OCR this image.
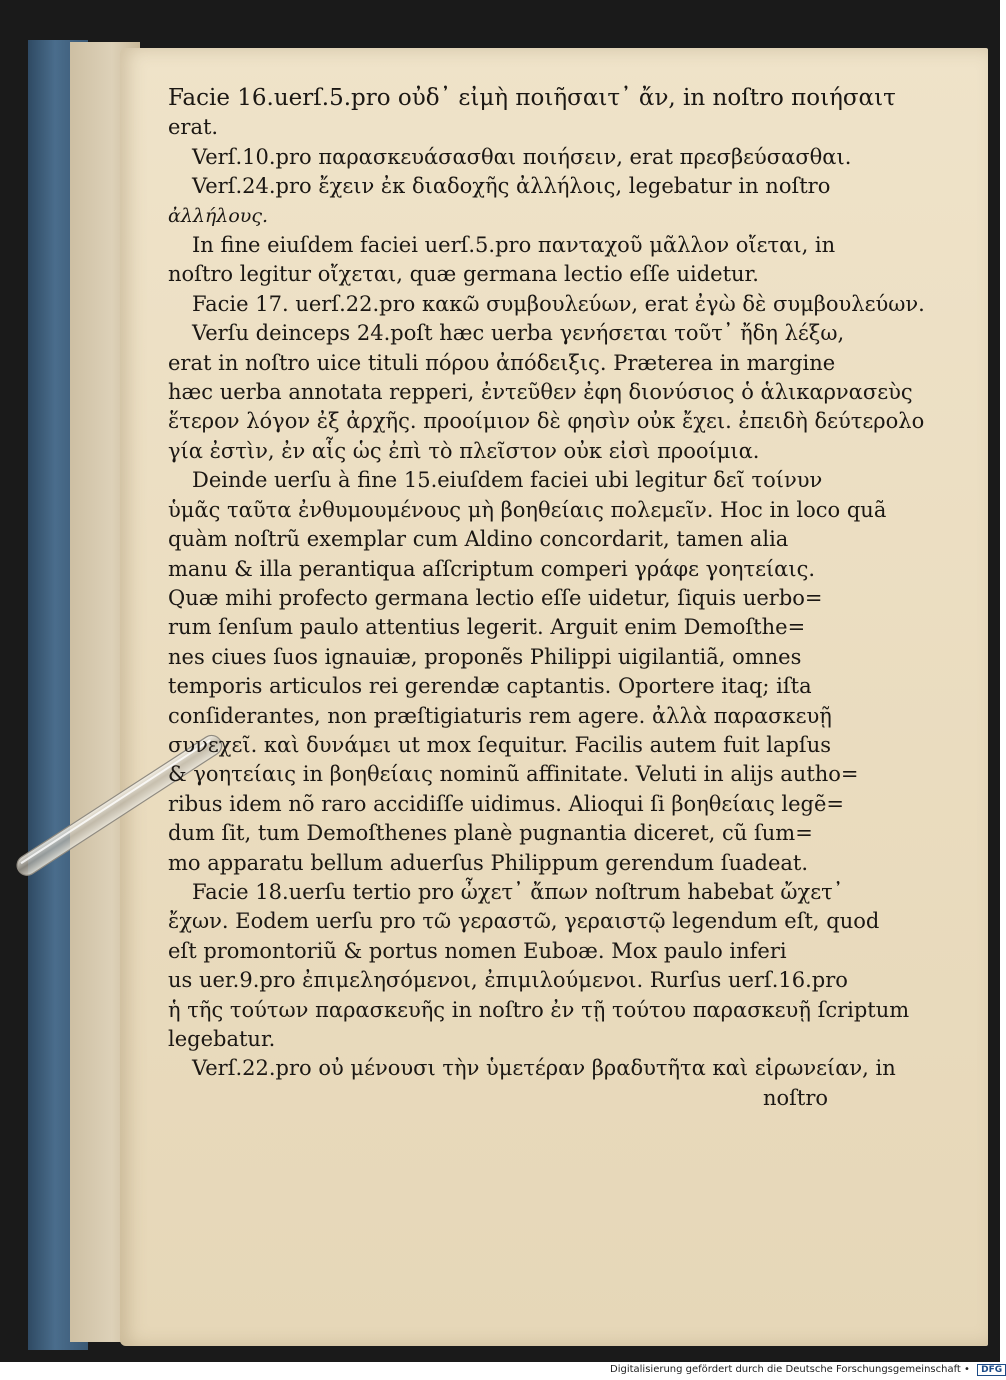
Facie 16.uerſ.5.pro οὐδ᾽ εἰμὴ ποιῆσαιτ᾽ ἄν, in noſtro ποιήσαιτ
erat.

Verſ.10.pro παρασκευάσασθαι ποιήσειν, erat πρεσβεύσασθαι.

Verſ.24.pro ἔχειν ἐκ διαδοχῆς ἀλλήλοις, legebatur in noſtro
ἀλλήλους.

In fine eiuſdem faciei uerſ.5.pro πανταχοῦ μᾶλλον οἴεται, in
noſtro legitur οἴχεται, quæ germana lectio eſſe uidetur.

Facie 17. uerſ.22.pro κακῶ συμβουλεύων, erat ἐγὼ δὲ συμβουλεύων.

Verſu deinceps 24.poſt hæc uerba γενήσεται τοῦτ᾽ ἤδη λέξω,
erat in noſtro uice tituli πόρου ἀπόδειξις. Præterea in margine
hæc uerba annotata repperi, ἐντεῦθεν ἐφη διονύσιος ὁ ἁλικαρνασεὺς
ἕτερον λόγον ἐξ ἀρχῆς. προοίμιον δὲ φησὶν οὐκ ἔχει. ἐπειδὴ δεύτερολο
γία ἐστὶν, ἐν αἷς ὡς ἐπὶ τὸ πλεῖστον οὐκ εἰσὶ προοίμια.

Deinde uerſu à fine 15.eiuſdem faciei ubi legitur δεῖ τοίνυν
ὑμᾶς ταῦτα ἐνθυμουμένους μὴ βοηθείαις πολεμεῖν. Hoc in loco quã
quàm noſtrũ exemplar cum Aldino concordarit, tamen alia
manu & illa perantiqua aſſcriptum comperi γράφε γοητείαις.
Quæ mihi profecto germana lectio eſſe uidetur, ſiquis uerbo=
rum ſenſum paulo attentius legerit. Arguit enim Demoſthe=
nes ciues ſuos ignauiæ, proponẽs Philippi uigilantiã, omnes
temporis articulos rei gerendæ captantis. Oportere itaq; iſta
conſiderantes, non præſtigiaturis rem agere. ἀλλὰ παρασκευῇ
συνεχεῖ. καὶ δυνάμει ut mox ſequitur. Facilis autem fuit lapſus
& γοητείαις in βοηθείαις nominũ affinitate. Veluti in alijs autho=
ribus idem nõ raro accidiſſe uidimus. Alioqui ſi βοηθείαις legẽ=
dum ſit, tum Demoſthenes planè pugnantia diceret, cũ ſum=
mo apparatu bellum aduerſus Philippum gerendum ſuadeat.

Facie 18.uerſu tertio pro ὦχετ᾽ ἄπων noſtrum habebat ὤχετ᾽
ἔχων. Eodem uerſu pro τῶ γεραστῶ, γεραιστῷ legendum eſt, quod
eſt promontoriũ & portus nomen Euboæ. Mox paulo inferi
us uer.9.pro ἐπιμελησόμενοι, ἐπιμιλούμενοι. Rurſus uerſ.16.pro
ἡ τῆς τούτων παρασκευῆς in noſtro ἐν τῇ τούτου παρασκευῇ ſcriptum
legebatur.

Verſ.22.pro οὐ μένουσι τὴν ὑμετέραν βραδυτῆτα καὶ εἰρωνείαν, in
noſtro

Digitalisierung gefördert durch die Deutsche Forschungsgemeinschaft • DFG
